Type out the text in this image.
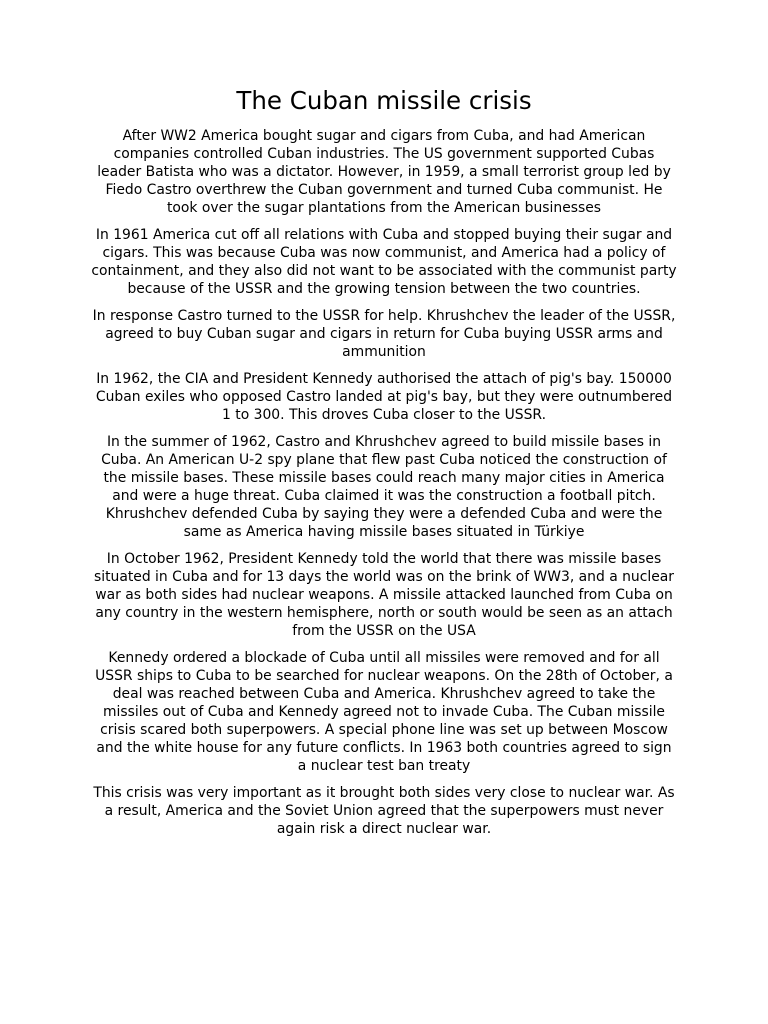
The Cuban missile crisis

After WW2 America bought sugar and cigars from Cuba, and had American companies controlled Cuban industries. The US government supported Cubas leader Batista who was a dictator. However, in 1959, a small terrorist group led by Fiedo Castro overthrew the Cuban government and turned Cuba communist. He took over the sugar plantations from the American businesses

In 1961 America cut off all relations with Cuba and stopped buying their sugar and cigars. This was because Cuba was now communist, and America had a policy of containment, and they also did not want to be associated with the communist party because of the USSR and the growing tension between the two countries.

In response Castro turned to the USSR for help. Khrushchev the leader of the USSR, agreed to buy Cuban sugar and cigars in return for Cuba buying USSR arms and ammunition

In 1962, the CIA and President Kennedy authorised the attach of pig's bay. 150000 Cuban exiles who opposed Castro landed at pig's bay, but they were outnumbered 1 to 300. This droves Cuba closer to the USSR.

In the summer of 1962, Castro and Khrushchev agreed to build missile bases in Cuba. An American U-2 spy plane that flew past Cuba noticed the construction of the missile bases. These missile bases could reach many major cities in America and were a huge threat. Cuba claimed it was the construction a football pitch. Khrushchev defended Cuba by saying they were a defended Cuba and were the same as America having missile bases situated in Türkiye

In October 1962, President Kennedy told the world that there was missile bases situated in Cuba and for 13 days the world was on the brink of WW3, and a nuclear war as both sides had nuclear weapons. A missile attacked launched from Cuba on any country in the western hemisphere, north or south would be seen as an attach from the USSR on the USA

Kennedy ordered a blockade of Cuba until all missiles were removed and for all USSR ships to Cuba to be searched for nuclear weapons. On the 28th of October, a deal was reached between Cuba and America. Khrushchev agreed to take the missiles out of Cuba and Kennedy agreed not to invade Cuba. The Cuban missile crisis scared both superpowers. A special phone line was set up between Moscow and the white house for any future conflicts. In 1963 both countries agreed to sign a nuclear test ban treaty

This crisis was very important as it brought both sides very close to nuclear war. As a result, America and the Soviet Union agreed that the superpowers must never again risk a direct nuclear war.
